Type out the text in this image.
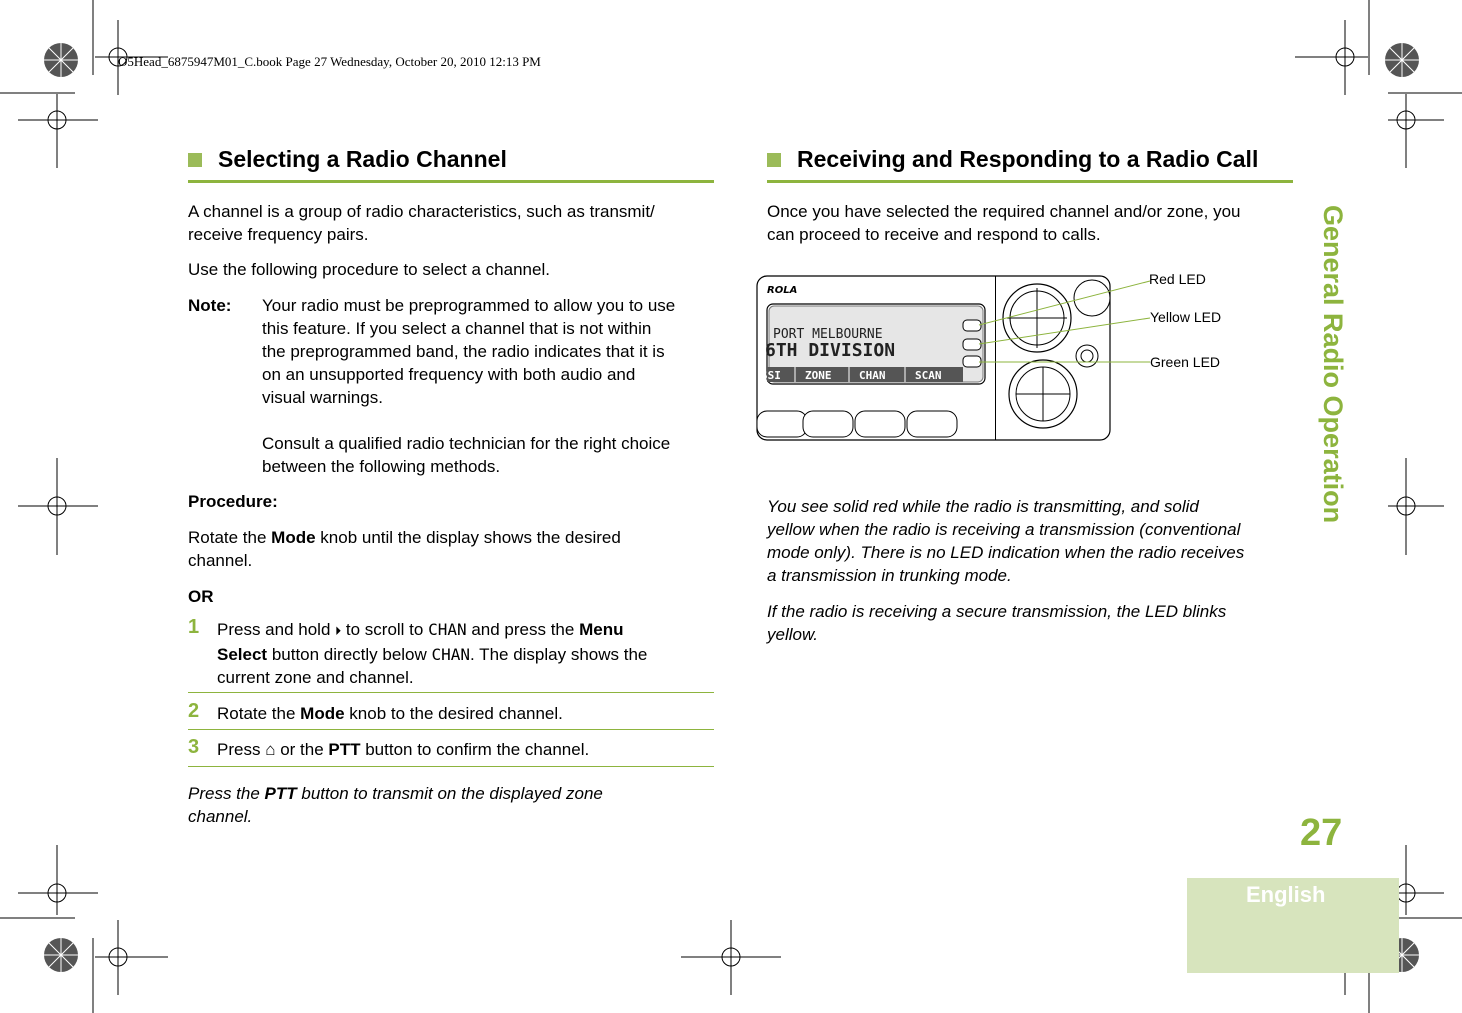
O5Head_6875947M01_C.book Page 27 Wednesday, October 20, 2010 12:13 PM
Selecting a Radio Channel
A channel is a group of radio characteristics, such as transmit/
receive frequency pairs.
Use the following procedure to select a channel.
Note: Your radio must be preprogrammed to allow you to use
this feature. If you select a channel that is not within
the preprogrammed band, the radio indicates that it is
on an unsupported frequency with both audio and
visual warnings.
Consult a qualified radio technician for the right choice
between the following methods.
Procedure:
Rotate the Mode knob until the display shows the desired
channel.
OR
1 Press and hold ⏵ to scroll to CHAN and press the Menu
Select button directly below CHAN. The display shows the
current zone and channel.
2 Rotate the Mode knob to the desired channel.
3 Press ⌂ or the PTT button to confirm the channel.
Press the PTT button to transmit on the displayed zone
channel.
Receiving and Responding to a Radio Call
Once you have selected the required channel and/or zone, you
can proceed to receive and respond to calls.
SSI ZONE	CHAN	SCAN
ROLA
PORT MELBOURNE
6TH DIVISION
Red LED
Yellow LED
Green LED
You see solid red while the radio is transmitting, and solid
yellow when the radio is receiving a transmission (conventional
mode only). There is no LED indication when the radio receives
a transmission in trunking mode.
If the radio is receiving a secure transmission, the LED blinks
yellow.
General Radio Operation
27
English
